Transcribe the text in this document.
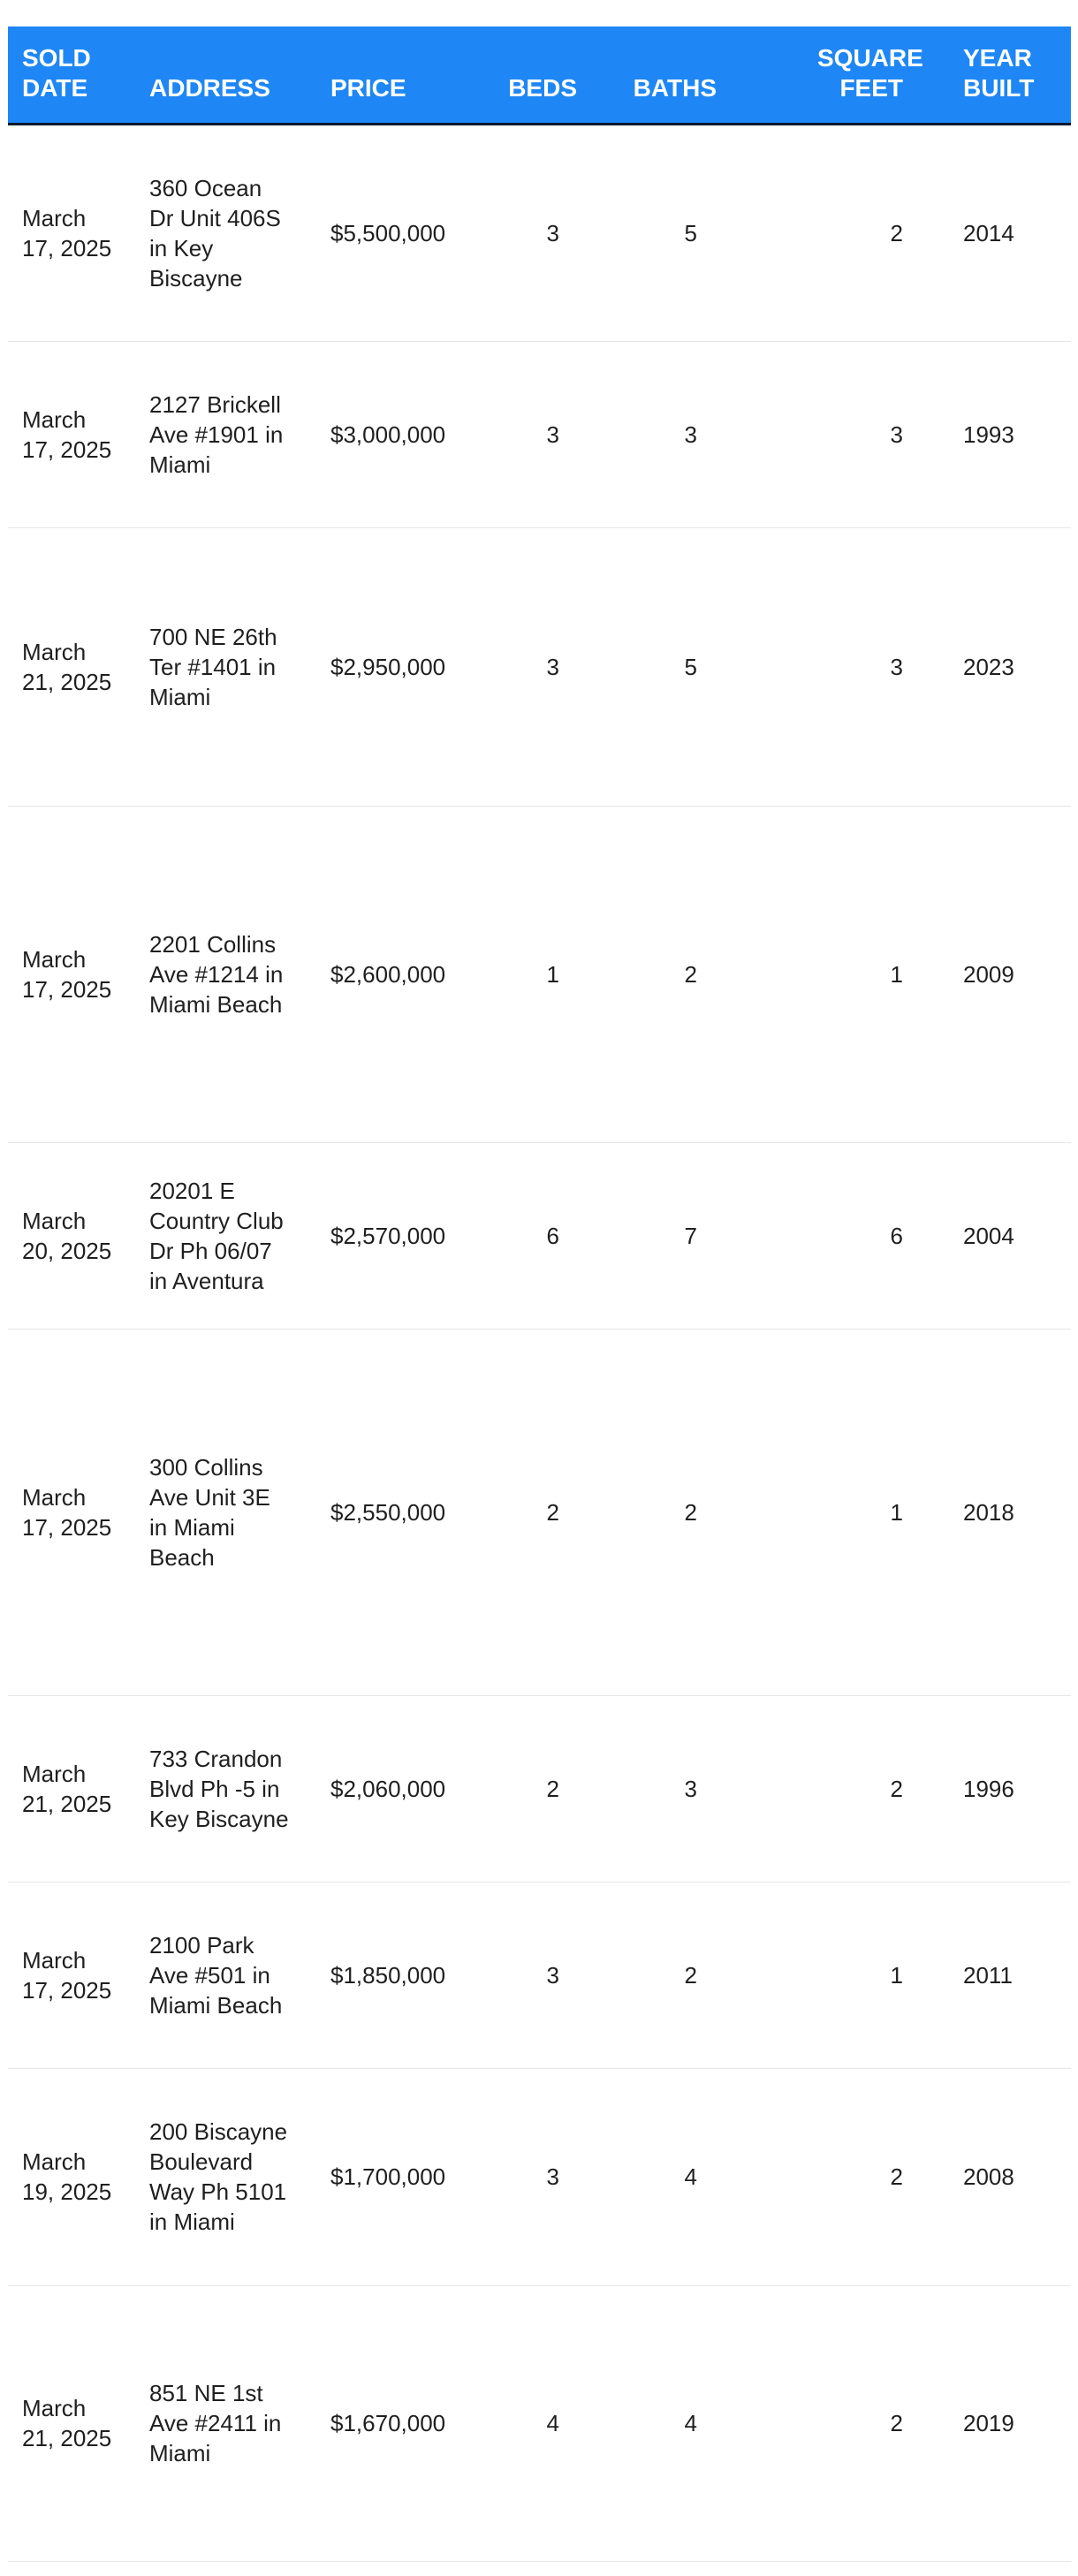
SOLD DATE	ADDRESS	PRICE	BEDS	BATHS	SQUARE FEET	YEAR BUILT
March 17, 2025	360 Ocean Dr Unit 406S in Key Biscayne	$5,500,000	3	5	2	2014
March 17, 2025	2127 Brickell Ave #1901 in Miami	$3,000,000	3	3	3	1993
March 21, 2025	700 NE 26th Ter #1401 in Miami	$2,950,000	3	5	3	2023
March 17, 2025	2201 Collins Ave #1214 in Miami Beach	$2,600,000	1	2	1	2009
March 20, 2025	20201 E Country Club Dr Ph 06/07 in Aventura	$2,570,000	6	7	6	2004
March 17, 2025	300 Collins Ave Unit 3E in Miami Beach	$2,550,000	2	2	1	2018
March 21, 2025	733 Crandon Blvd Ph -5 in Key Biscayne	$2,060,000	2	3	2	1996
March 17, 2025	2100 Park Ave #501 in Miami Beach	$1,850,000	3	2	1	2011
March 19, 2025	200 Biscayne Boulevard Way Ph 5101 in Miami	$1,700,000	3	4	2	2008
March 21, 2025	851 NE 1st Ave #2411 in Miami	$1,670,000	4	4	2	2019
